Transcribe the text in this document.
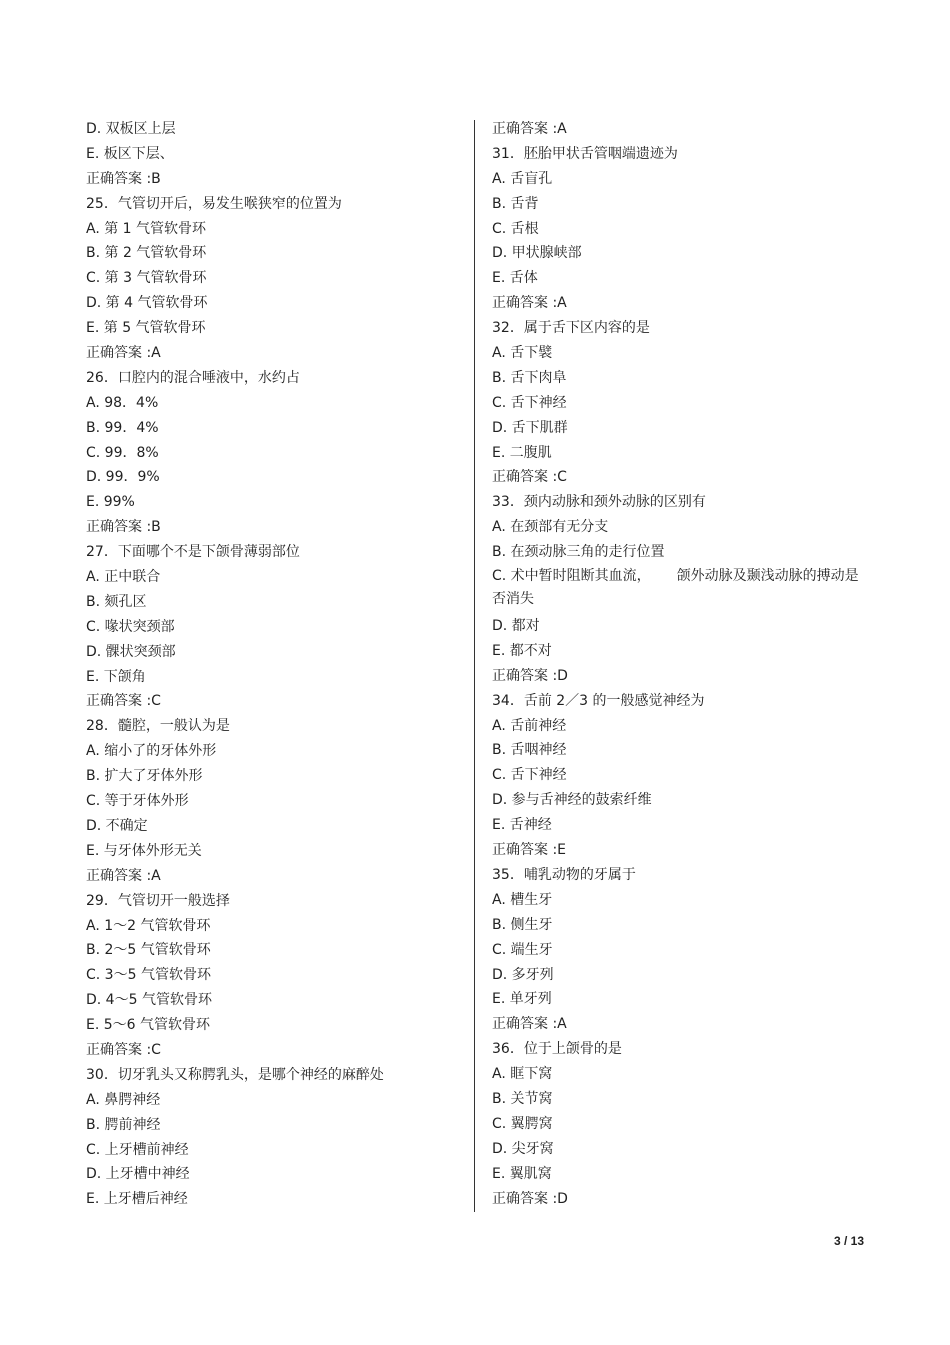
D. 双板区上层
E. 板区下层、
正确答案 :B
25．气管切开后，易发生喉狭窄的位置为
A. 第 1 气管软骨环
B. 第 2 气管软骨环
C. 第 3 气管软骨环
D. 第 4 气管软骨环
E. 第 5 气管软骨环
正确答案 :A
26．口腔内的混合唾液中，水约占
A. 98．4%
B. 99．4%
C. 99．8%
D. 99．9%
E. 99%
正确答案 :B
27．下面哪个不是下颌骨薄弱部位
A. 正中联合
B. 颏孔区
C. 喙状突颈部
D. 髁状突颈部
E. 下颌角
正确答案 :C
28．髓腔，一般认为是
A. 缩小了的牙体外形
B. 扩大了牙体外形
C. 等于牙体外形
D. 不确定
E. 与牙体外形无关
正确答案 :A
29．气管切开一般选择
A. 1～2 气管软骨环
B. 2～5 气管软骨环
C. 3～5 气管软骨环
D. 4～5 气管软骨环
E. 5～6 气管软骨环
正确答案 :C
30．切牙乳头又称腭乳头，是哪个神经的麻醉处
A. 鼻腭神经
B. 腭前神经
C. 上牙槽前神经
D. 上牙槽中神经
E. 上牙槽后神经
正确答案 :A
31．胚胎甲状舌管咽端遗迹为
A. 舌盲孔
B. 舌背
C. 舌根
D. 甲状腺峡部
E. 舌体
正确答案 :A
32．属于舌下区内容的是
A. 舌下襞
B. 舌下肉阜
C. 舌下神经
D. 舌下肌群
E. 二腹肌
正确答案 :C
33．颈内动脉和颈外动脉的区别有
A. 在颈部有无分支
B. 在颈动脉三角的走行位置
C. 术中暂时阻断其血流， 颌外动脉及颞浅动脉的搏动是否消失
D. 都对
E. 都不对
正确答案 :D
34．舌前 2／3 的一般感觉神经为
A. 舌前神经
B. 舌咽神经
C. 舌下神经
D. 参与舌神经的鼓索纤维
E. 舌神经
正确答案 :E
35．哺乳动物的牙属于
A. 槽生牙
B. 侧生牙
C. 端生牙
D. 多牙列
E. 单牙列
正确答案 :A
36．位于上颌骨的是
A. 眶下窝
B. 关节窝
C. 翼腭窝
D. 尖牙窝
E. 翼肌窝
正确答案 :D
3 / 13
